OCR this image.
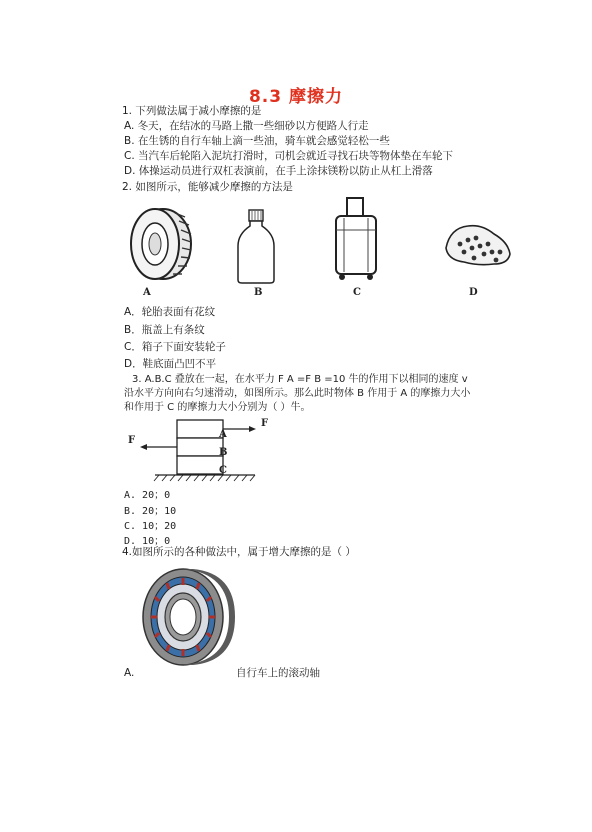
8.3 摩擦力
1. 下列做法属于减小摩擦的是
A. 冬天，在结冰的马路上撒一些细砂以方便路人行走
B. 在生锈的自行车轴上滴一些油，骑车就会感觉轻松一些
C. 当汽车后轮陷入泥坑打滑时，司机会就近寻找石块等物体垫在车轮下
D. 体操运动员进行双杠表演前，在手上涂抹镁粉以防止从杠上滑落
2. 如图所示，能够减少摩擦的方法是
A	B	C	D
A．轮胎表面有花纹
B．瓶盖上有条纹
C．箱子下面安装轮子
D．鞋底面凸凹不平
3. A.B.C 叠放在一起，在水平力 F A =F B =10 牛的作用下以相同的速度 v
沿水平方向向右匀速滑动，如图所示。那么此时物体 B 作用于 A 的摩擦力大小
和作用于 C 的摩擦力大小分别为（ ）牛。
A
B
C
F
F
A. 20；0
B. 20；10
C. 10；20
D. 10；0
4.如图所示的各种做法中，属于增大摩擦的是（ ）
A.	自行车上的滚动轴
